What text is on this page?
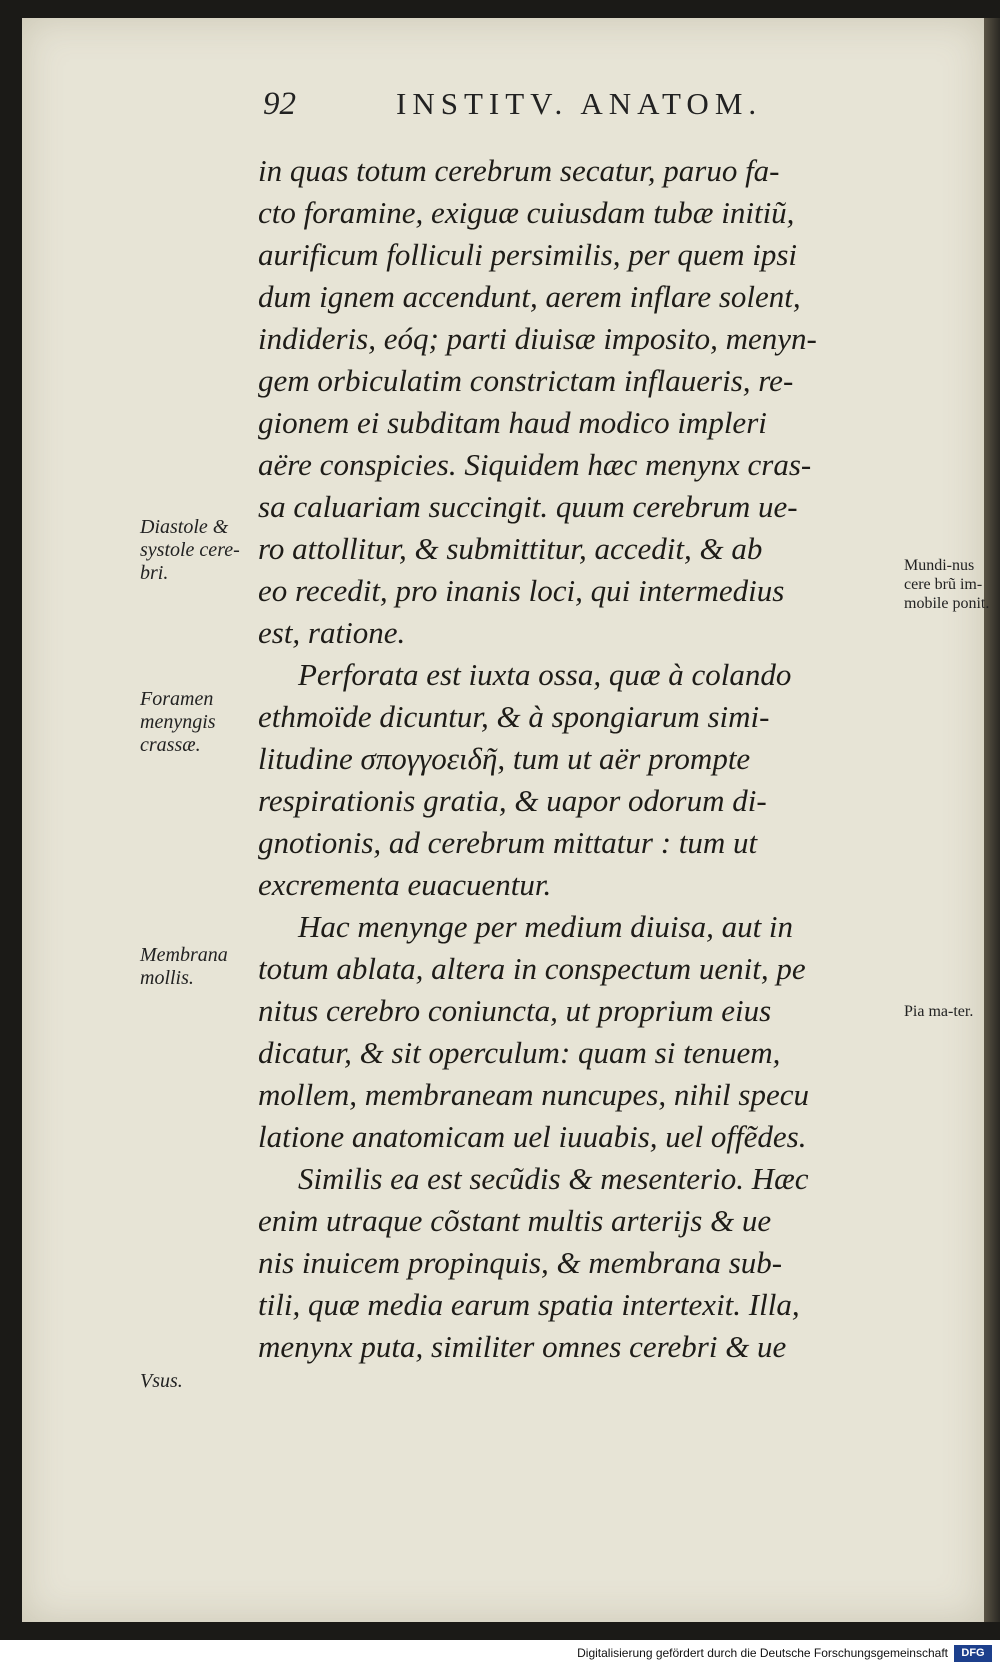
92	INSTITV. ANATOM.
in quas totum cerebrum secatur, paruo fa-
cto foramine, exiguæ cuiusdam tubæ initiũ,
aurificum folliculi persimilis, per quem ipsi
dum ignem accendunt, aerem inflare solent,
indideris, eóq; parti diuisæ imposito, menyn-
gem orbiculatim constrictam inflaueris, re-
gionem ei subditam haud modico impleri
aëre conspicies. Siquidem hæc menynx cras-
sa caluariam succingit. quum cerebrum ue-
ro attollitur, & submittitur, accedit, & ab
eo recedit, pro inanis loci, qui intermedius
est, ratione.
Perforata est iuxta ossa, quæ à colando
ethmoïde dicuntur, & à spongiarum simi-
litudine σπογγοειδῆ, tum ut aër prompte
respirationis gratia, & uapor odorum di-
gnotionis, ad cerebrum mittatur : tum ut
excrementa euacuentur.
Hac menynge per medium diuisa, aut in
totum ablata, altera in conspectum uenit, pe
nitus cerebro coniuncta, ut proprium eius
dicatur, & sit operculum: quam si tenuem,
mollem, membraneam nuncupes, nihil specu
latione anatomicam uel iuuabis, uel offẽdes.
Similis ea est secũdis & mesenterio. Hæc
enim utraque cõstant multis arterijs & ue
nis inuicem propinquis, & membrana sub-
tili, quæ media earum spatia intertexit. Illa,
menynx puta, similiter omnes cerebri & ue
Diastole & systole cere-bri.
Foramen menyngis crassæ.
Membrana mollis.
Vsus.
Mundi-nus cere brũ im-mobile ponit.
Pia ma-ter.
Digitalisierung gefördert durch die Deutsche Forschungsgemeinschaft	DFG
